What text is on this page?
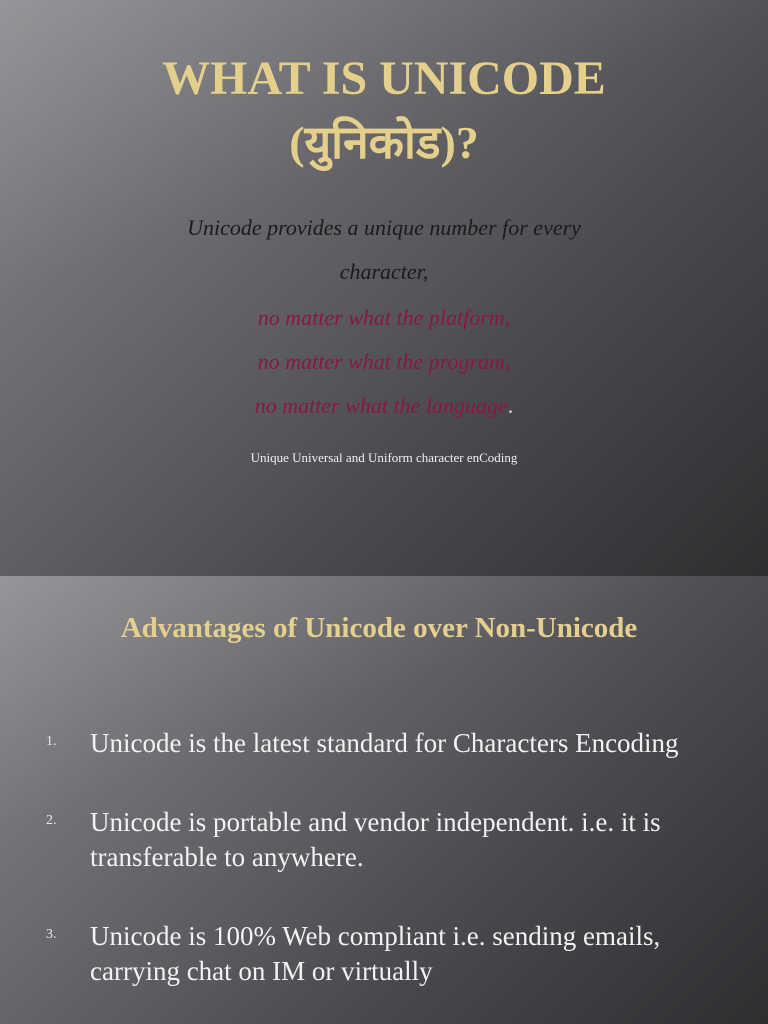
WHAT IS UNICODE
(युनिकोड)?
Unicode provides a unique number for every
character,
no matter what the platform,
no matter what the program,
no matter what the language.
Unique Universal and Uniform character enCoding
Advantages of Unicode over Non-Unicode
1. Unicode is the latest standard for Characters Encoding
2. Unicode is portable and vendor independent. i.e. it is transferable to anywhere.
3. Unicode is 100% Web compliant i.e. sending emails, carrying chat on IM or virtually
